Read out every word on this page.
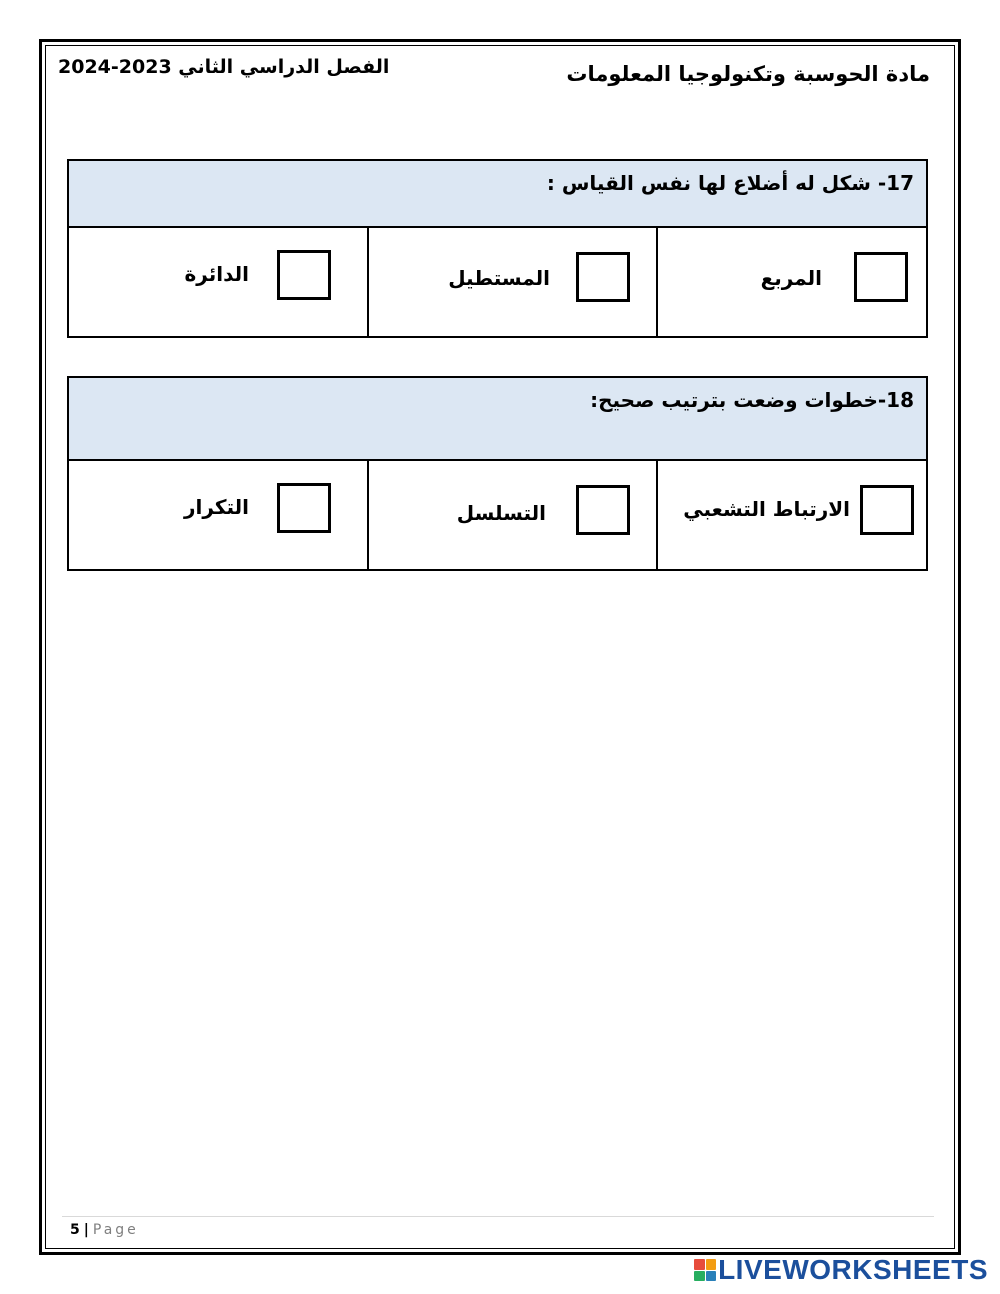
مادة الحوسبة وتكنولوجيا المعلومات
الفصل الدراسي الثاني 2023-2024
17- شكل له أضلاع لها نفس القياس :
المربع
المستطيل
الدائرة
18-خطوات وضعت بترتيب صحيح:
الارتباط التشعبي
التسلسل
التكرار
5 | Page
LIVEWORKSHEETS
